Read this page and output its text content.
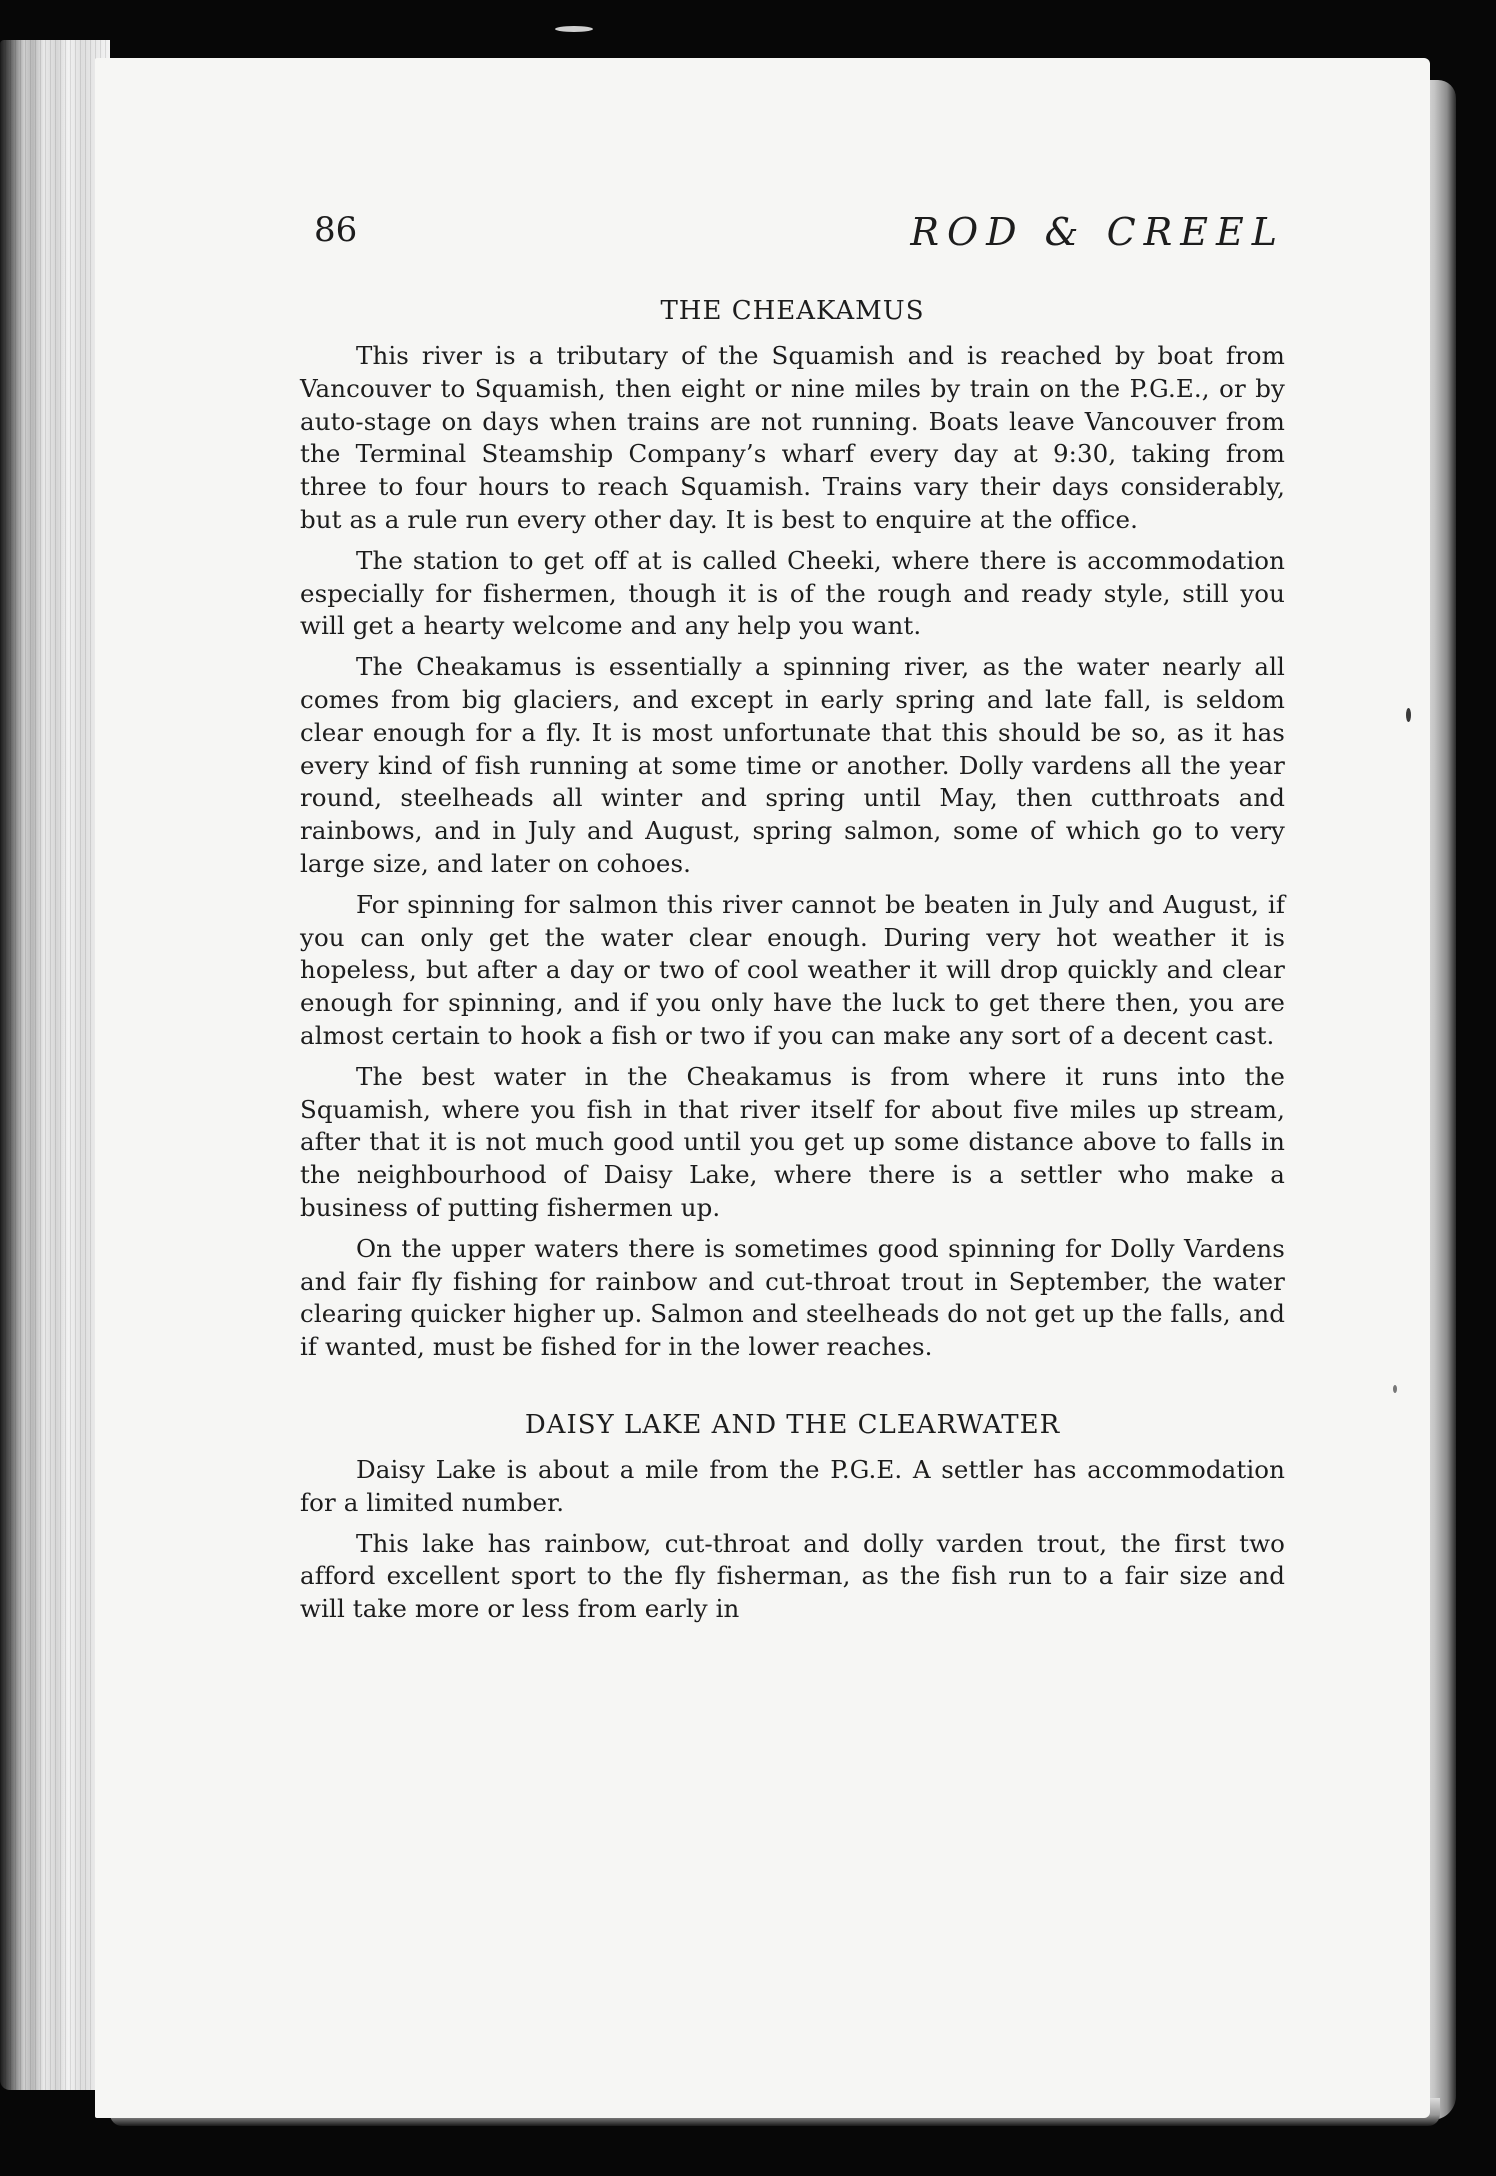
86	ROD & CREEL
THE CHEAKAMUS

This river is a tributary of the Squamish and is reached by boat from Vancouver to Squamish, then eight or nine miles by train on the P.G.E., or by auto-stage on days when trains are not running. Boats leave Vancouver from the Terminal Steamship Company’s wharf every day at 9:30, taking from three to four hours to reach Squamish. Trains vary their days considerably, but as a rule run every other day. It is best to enquire at the office.

The station to get off at is called Cheeki, where there is accommodation especially for fishermen, though it is of the rough and ready style, still you will get a hearty welcome and any help you want.

The Cheakamus is essentially a spinning river, as the water nearly all comes from big glaciers, and except in early spring and late fall, is seldom clear enough for a fly. It is most unfortunate that this should be so, as it has every kind of fish running at some time or another. Dolly vardens all the year round, steelheads all winter and spring until May, then cutthroats and rainbows, and in July and August, spring salmon, some of which go to very large size, and later on cohoes.

For spinning for salmon this river cannot be beaten in July and August, if you can only get the water clear enough. During very hot weather it is hopeless, but after a day or two of cool weather it will drop quickly and clear enough for spinning, and if you only have the luck to get there then, you are almost certain to hook a fish or two if you can make any sort of a decent cast.

The best water in the Cheakamus is from where it runs into the Squamish, where you fish in that river itself for about five miles up stream, after that it is not much good until you get up some distance above to falls in the neighbourhood of Daisy Lake, where there is a settler who make a business of putting fishermen up.

On the upper waters there is sometimes good spinning for Dolly Vardens and fair fly fishing for rainbow and cut-throat trout in September, the water clearing quicker higher up. Salmon and steelheads do not get up the falls, and if wanted, must be fished for in the lower reaches.

DAISY LAKE AND THE CLEARWATER

Daisy Lake is about a mile from the P.G.E. A settler has accommodation for a limited number.

This lake has rainbow, cut-throat and dolly varden trout, the first two afford excellent sport to the fly fisherman, as the fish run to a fair size and will take more or less from early in
